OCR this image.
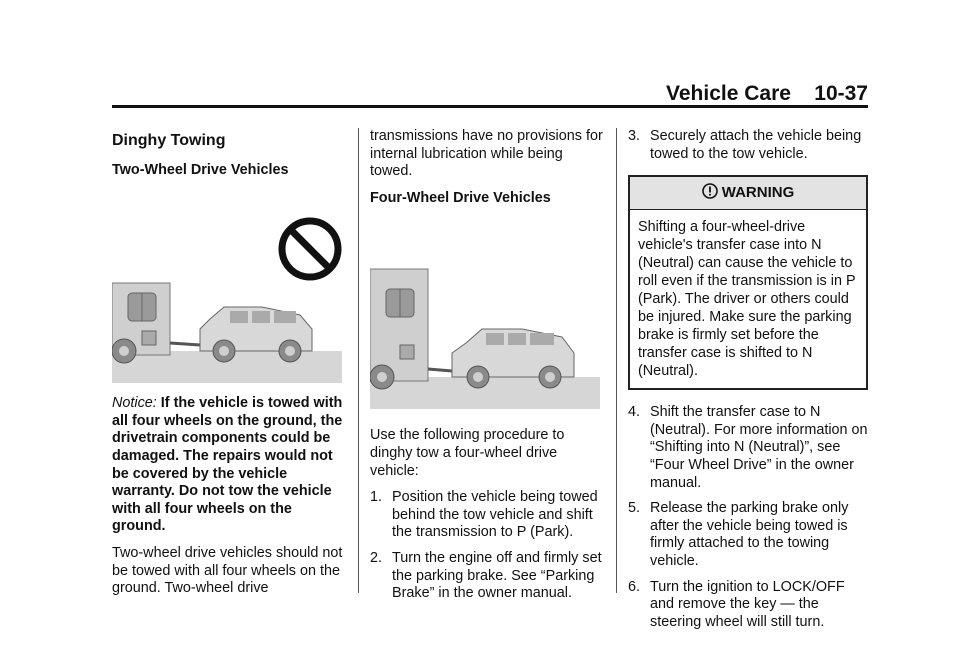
Vehicle Care 10-37
Dinghy Towing
Two-Wheel Drive Vehicles
Notice: If the vehicle is towed with all four wheels on the ground, the drivetrain components could be damaged. The repairs would not be covered by the vehicle warranty. Do not tow the vehicle with all four wheels on the ground.

Two-wheel drive vehicles should not be towed with all four wheels on the ground. Two-wheel drive

transmissions have no provisions for internal lubrication while being towed.

Four-Wheel Drive Vehicles

Use the following procedure to dinghy tow a four-wheel drive vehicle:

1. Position the vehicle being towed behind the tow vehicle and shift the transmission to P (Park).
2. Turn the engine off and firmly set the parking brake. See “Parking Brake” in the owner manual.
3. Securely attach the vehicle being towed to the tow vehicle.
WARNING
Shifting a four-wheel-drive vehicle's transfer case into N (Neutral) can cause the vehicle to roll even if the transmission is in P (Park). The driver or others could be injured. Make sure the parking brake is firmly set before the transfer case is shifted to N (Neutral).
4. Shift the transfer case to N (Neutral). For more information on “Shifting into N (Neutral)”, see “Four Wheel Drive” in the owner manual.
5. Release the parking brake only after the vehicle being towed is firmly attached to the towing vehicle.
6. Turn the ignition to LOCK/OFF and remove the key — the steering wheel will still turn.
